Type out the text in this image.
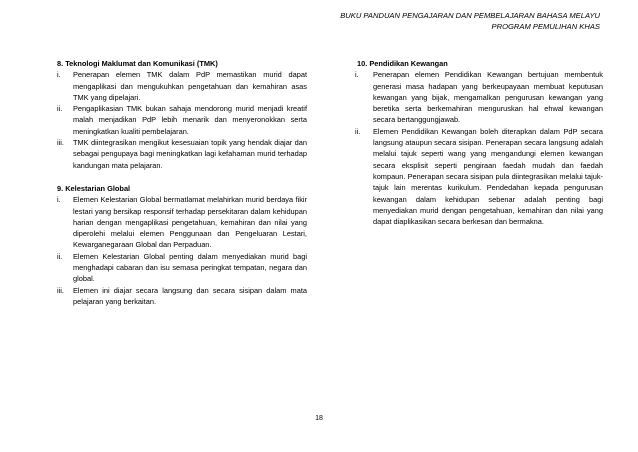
BUKU PANDUAN PENGAJARAN DAN PEMBELAJARAN BAHASA MELAYU
PROGRAM PEMULIHAN KHAS

8. Teknologi Maklumat dan Komunikasi (TMK)

i. Penerapan elemen TMK dalam PdP memastikan murid dapat mengaplikasi dan mengukuhkan pengetahuan dan kemahiran asas TMK yang dipelajari.

ii. Pengaplikasian TMK bukan sahaja mendorong murid menjadi kreatif malah menjadikan PdP lebih menarik dan menyeronokkan serta meningkatkan kualiti pembelajaran.

iii. TMK diintegrasikan mengikut kesesuaian topik yang hendak diajar dan sebagai pengupaya bagi meningkatkan lagi kefahaman murid terhadap kandungan mata pelajaran.

9. Kelestarian Global

i. Elemen Kelestarian Global bermatlamat melahirkan murid berdaya fikir lestari yang bersikap responsif terhadap persekitaran dalam kehidupan harian dengan mengaplikasi pengetahuan, kemahiran dan nilai yang diperolehi melalui elemen Penggunaan dan Pengeluaran Lestari, Kewarganegaraan Global dan Perpaduan.

ii. Elemen Kelestarian Global penting dalam menyediakan murid bagi menghadapi cabaran dan isu semasa peringkat tempatan, negara dan global.

iii. Elemen ini diajar secara langsung dan secara sisipan dalam mata pelajaran yang berkaitan.

10. Pendidikan Kewangan

i. Penerapan elemen Pendidikan Kewangan bertujuan membentuk generasi masa hadapan yang berkeupayaan membuat keputusan kewangan yang bijak, mengamalkan pengurusan kewangan yang beretika serta berkemahiran menguruskan hal ehwal kewangan secara bertanggungjawab.

ii. Elemen Pendidikan Kewangan boleh diterapkan dalam PdP secara langsung ataupun secara sisipan. Penerapan secara langsung adalah melalui tajuk seperti wang yang mengandungi elemen kewangan secara eksplisit seperti pengiraan faedah mudah dan faedah kompaun. Penerapan secara sisipan pula diintegrasikan melalui tajuk-tajuk lain merentas kurikulum. Pendedahan kepada pengurusan kewangan dalam kehidupan sebenar adalah penting bagi menyediakan murid dengan pengetahuan, kemahiran dan nilai yang dapat diaplikasikan secara berkesan dan bermakna.

18
